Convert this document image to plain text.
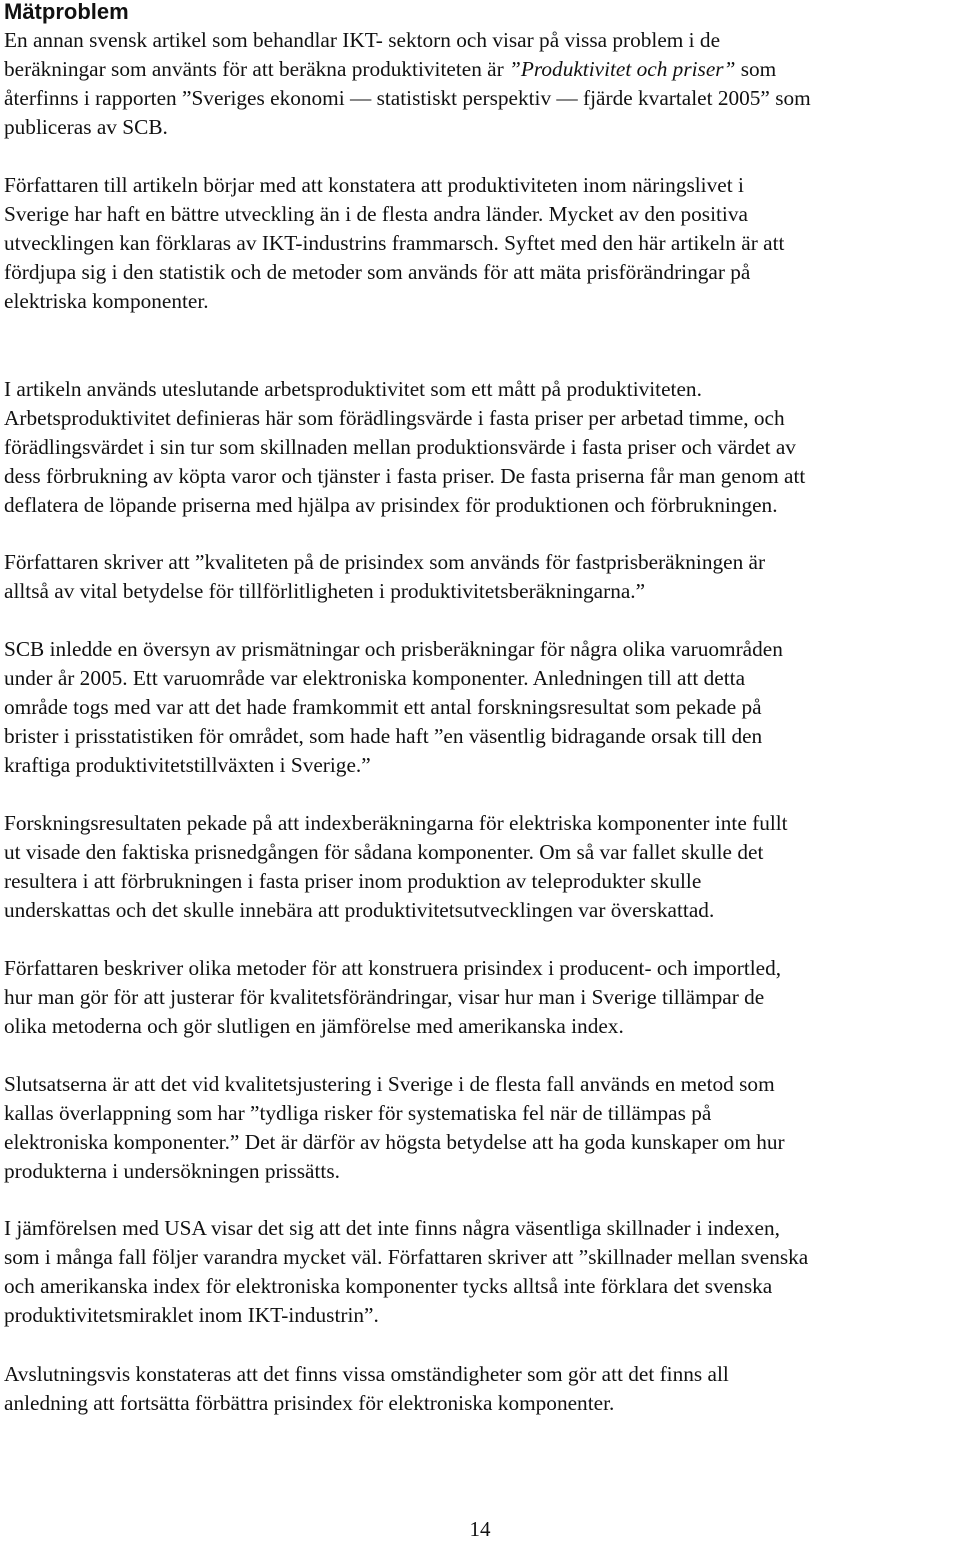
Mätproblem

En annan svensk artikel som behandlar IKT- sektorn och visar på vissa problem i de
beräkningar som använts för att beräkna produktiviteten är ”Produktivitet och priser” som
återfinns i rapporten ”Sveriges ekonomi — statistiskt perspektiv — fjärde kvartalet 2005” som
publiceras av SCB.

Författaren till artikeln börjar med att konstatera att produktiviteten inom näringslivet i
Sverige har haft en bättre utveckling än i de flesta andra länder. Mycket av den positiva
utvecklingen kan förklaras av IKT-industrins frammarsch. Syftet med den här artikeln är att
fördjupa sig i den statistik och de metoder som används för att mäta prisförändringar på
elektriska komponenter.

I artikeln används uteslutande arbetsproduktivitet som ett mått på produktiviteten.
Arbetsproduktivitet definieras här som förädlingsvärde i fasta priser per arbetad timme, och
förädlingsvärdet i sin tur som skillnaden mellan produktionsvärde i fasta priser och värdet av
dess förbrukning av köpta varor och tjänster i fasta priser. De fasta priserna får man genom att
deflatera de löpande priserna med hjälpa av prisindex för produktionen och förbrukningen.

Författaren skriver att ”kvaliteten på de prisindex som används för fastprisberäkningen är
alltså av vital betydelse för tillförlitligheten i produktivitetsberäkningarna.”

SCB inledde en översyn av prismätningar och prisberäkningar för några olika varuområden
under år 2005. Ett varuområde var elektroniska komponenter. Anledningen till att detta
område togs med var att det hade framkommit ett antal forskningsresultat som pekade på
brister i prisstatistiken för området, som hade haft ”en väsentlig bidragande orsak till den
kraftiga produktivitetstillväxten i Sverige.”

Forskningsresultaten pekade på att indexberäkningarna för elektriska komponenter inte fullt
ut visade den faktiska prisnedgången för sådana komponenter. Om så var fallet skulle det
resultera i att förbrukningen i fasta priser inom produktion av teleprodukter skulle
underskattas och det skulle innebära att produktivitetsutvecklingen var överskattad.

Författaren beskriver olika metoder för att konstruera prisindex i producent- och importled,
hur man gör för att justerar för kvalitetsförändringar, visar hur man i Sverige tillämpar de
olika metoderna och gör slutligen en jämförelse med amerikanska index.

Slutsatserna är att det vid kvalitetsjustering i Sverige i de flesta fall används en metod som
kallas överlappning som har ”tydliga risker för systematiska fel när de tillämpas på
elektroniska komponenter.” Det är därför av högsta betydelse att ha goda kunskaper om hur
produkterna i undersökningen prissätts.

I jämförelsen med USA visar det sig att det inte finns några väsentliga skillnader i indexen,
som i många fall följer varandra mycket väl. Författaren skriver att ”skillnader mellan svenska
och amerikanska index för elektroniska komponenter tycks alltså inte förklara det svenska
produktivitetsmiraklet inom IKT-industrin”.

Avslutningsvis konstateras att det finns vissa omständigheter som gör att det finns all
anledning att fortsätta förbättra prisindex för elektroniska komponenter.

14
